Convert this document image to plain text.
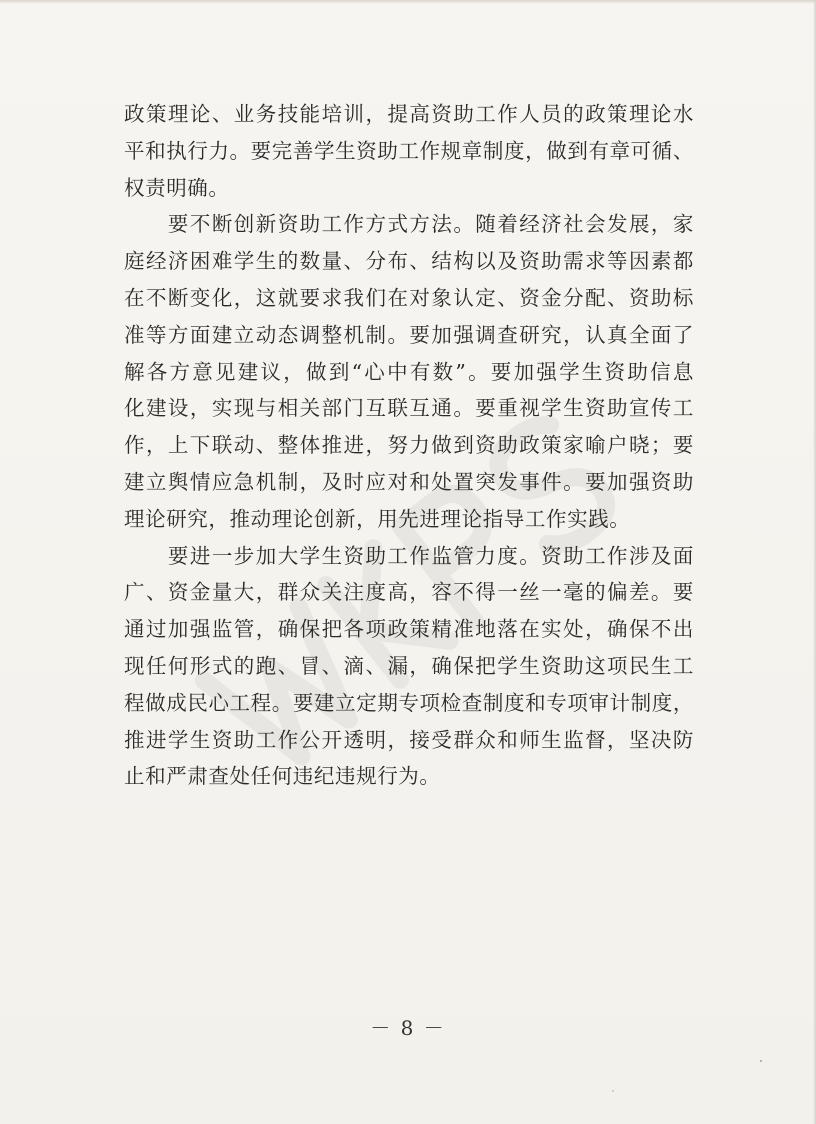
政策理论、业务技能培训，提高资助工作人员的政策理论水
平和执行力。要完善学生资助工作规章制度，做到有章可循、
权责明确。
　　要不断创新资助工作方式方法。随着经济社会发展，家
庭经济困难学生的数量、分布、结构以及资助需求等因素都
在不断变化，这就要求我们在对象认定、资金分配、资助标
准等方面建立动态调整机制。要加强调查研究，认真全面了
解各方意见建议，做到“心中有数”。要加强学生资助信息
化建设，实现与相关部门互联互通。要重视学生资助宣传工
作，上下联动、整体推进，努力做到资助政策家喻户晓；要
建立舆情应急机制，及时应对和处置突发事件。要加强资助
理论研究，推动理论创新，用先进理论指导工作实践。
　　要进一步加大学生资助工作监管力度。资助工作涉及面
广、资金量大，群众关注度高，容不得一丝一毫的偏差。要
通过加强监管，确保把各项政策精准地落在实处，确保不出
现任何形式的跑、冒、滴、漏，确保把学生资助这项民生工
程做成民心工程。要建立定期专项检查制度和专项审计制度，
推进学生资助工作公开透明，接受群众和师生监督，坚决防
止和严肃查处任何违纪违规行为。
－ 8 －
